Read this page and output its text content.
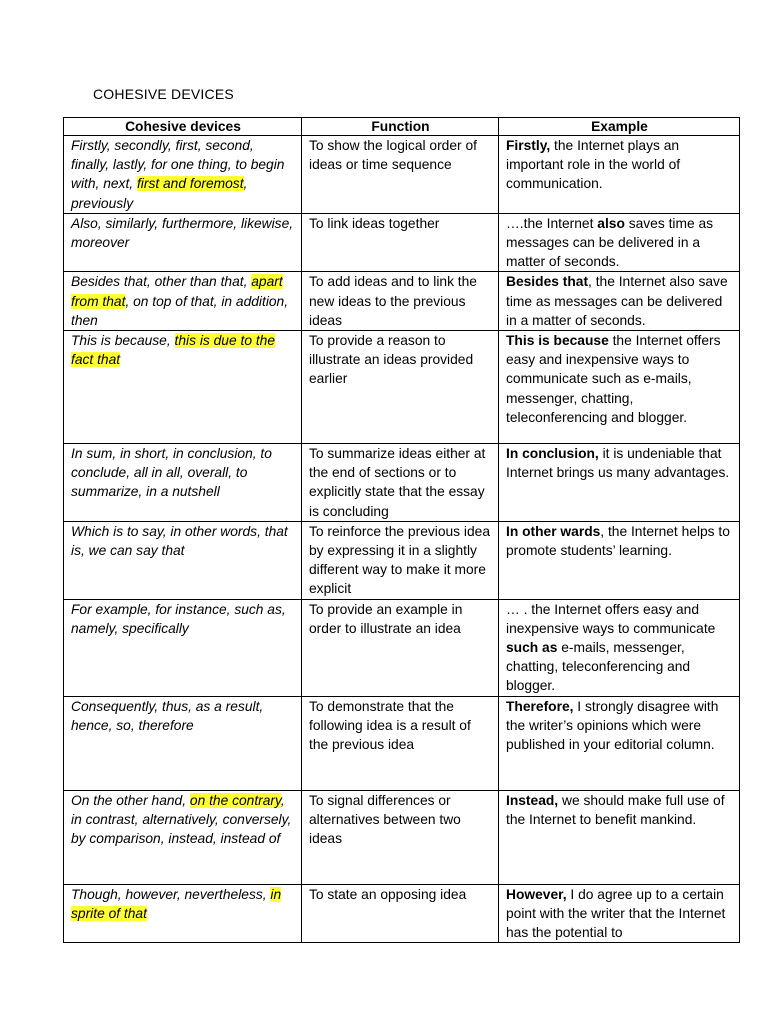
COHESIVE DEVICES
Cohesive devices	Function	Example
Firstly, secondly, first, second, finally, lastly, for one thing, to begin with, next, first and foremost, previously	To show the logical order of ideas or time sequence	Firstly, the Internet plays an important role in the world of communication.
Also, similarly, furthermore, likewise, moreover	To link ideas together	….the Internet also saves time as messages can be delivered in a matter of seconds.
Besides that, other than that, apart from that, on top of that, in addition, then	To add ideas and to link the new ideas to the previous ideas	Besides that, the Internet also save time as messages can be delivered in a matter of seconds.
This is because, this is due to the fact that	To provide a reason to illustrate an ideas provided earlier	This is because the Internet offers easy and inexpensive ways to communicate such as e-mails, messenger, chatting, teleconferencing and blogger.
In sum, in short, in conclusion, to conclude, all in all, overall, to summarize, in a nutshell	To summarize ideas either at the end of sections or to explicitly state that the essay is concluding	In conclusion, it is undeniable that Internet brings us many advantages.
Which is to say, in other words, that is, we can say that	To reinforce the previous idea by expressing it in a slightly different way to make it more explicit	In other wards, the Internet helps to promote students’ learning.
For example, for instance, such as, namely, specifically	To provide an example in order to illustrate an idea	… . the Internet offers easy and inexpensive ways to communicate such as e-mails, messenger, chatting, teleconferencing and blogger.
Consequently, thus, as a result, hence, so, therefore	To demonstrate that the following idea is a result of the previous idea	Therefore, I strongly disagree with the writer’s opinions which were published in your editorial column.
On the other hand, on the contrary, in contrast, alternatively, conversely, by comparison, instead, instead of	To signal differences or alternatives between two ideas	Instead, we should make full use of the Internet to benefit mankind.
Though, however, nevertheless, in sprite of that	To state an opposing idea	However, I do agree up to a certain point with the writer that the Internet has the potential to
